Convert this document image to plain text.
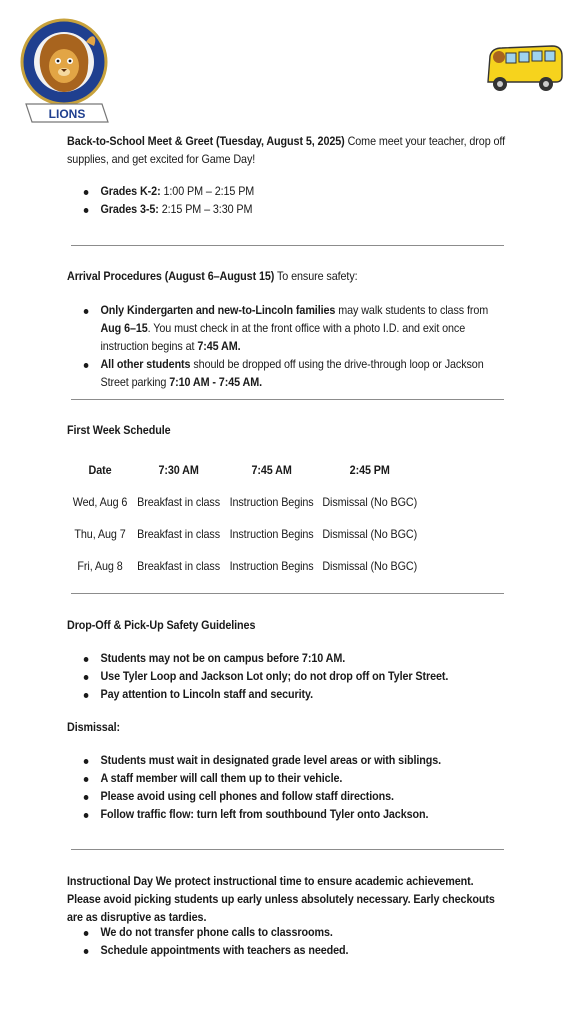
LIONS

Back-to-School Meet & Greet (Tuesday, August 5, 2025) Come meet your teacher, drop off supplies, and get excited for Game Day!

Grades K-2: 1:00 PM – 2:15 PM
Grades 3-5: 2:15 PM – 3:30 PM

Arrival Procedures (August 6–August 15) To ensure safety:

Only Kindergarten and new-to-Lincoln families may walk students to class from Aug 6–15. You must check in at the front office with a photo I.D. and exit once instruction begins at 7:45 AM.
All other students should be dropped off using the drive-through loop or Jackson Street parking 7:10 AM - 7:45 AM.

First Week Schedule

Date	7:30 AM	7:45 AM	2:45 PM
Wed, Aug 6	Breakfast in class	Instruction Begins	Dismissal (No BGC)
Thu, Aug 7	Breakfast in class	Instruction Begins	Dismissal (No BGC)
Fri, Aug 8	Breakfast in class	Instruction Begins	Dismissal (No BGC)

Drop-Off & Pick-Up Safety Guidelines

Students may not be on campus before 7:10 AM.
Use Tyler Loop and Jackson Lot only; do not drop off on Tyler Street.
Pay attention to Lincoln staff and security.

Dismissal:

Students must wait in designated grade level areas or with siblings.
A staff member will call them up to their vehicle.
Please avoid using cell phones and follow staff directions.
Follow traffic flow: turn left from southbound Tyler onto Jackson.

Instructional Day We protect instructional time to ensure academic achievement. Please avoid picking students up early unless absolutely necessary. Early checkouts are as disruptive as tardies.

We do not transfer phone calls to classrooms.
Schedule appointments with teachers as needed.
